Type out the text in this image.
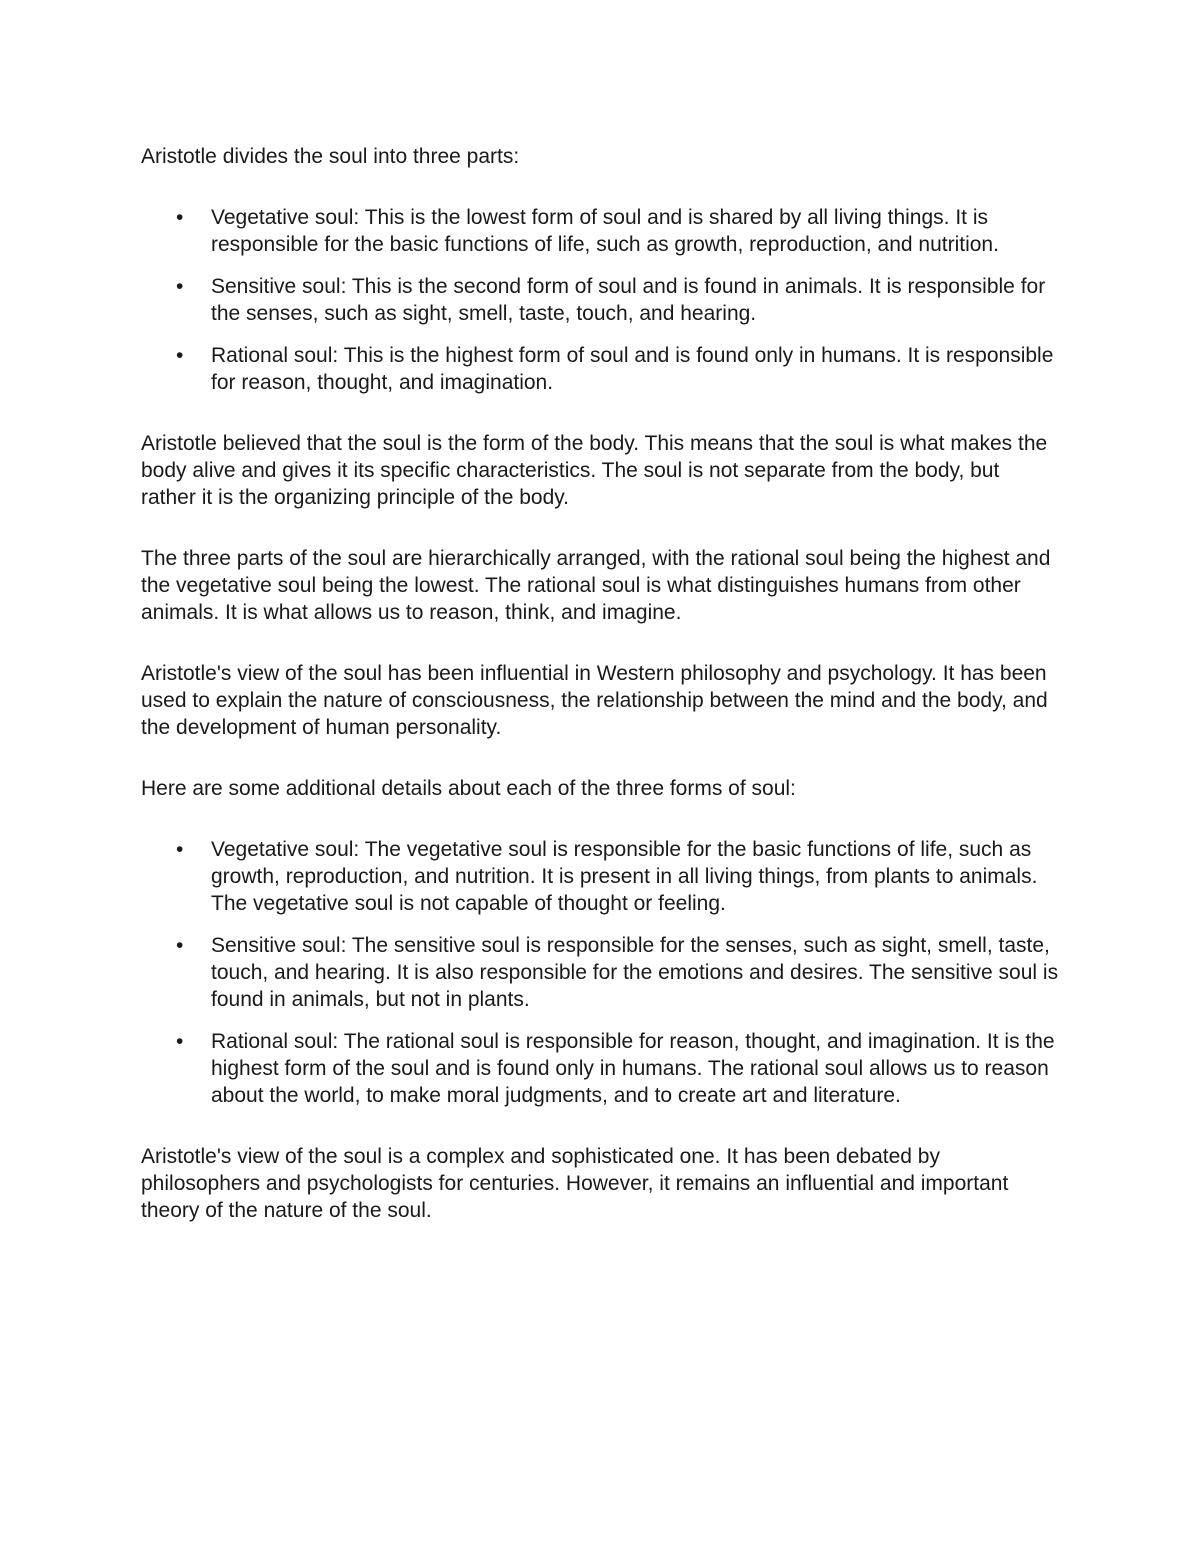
Aristotle divides the soul into three parts:

•	Vegetative soul: This is the lowest form of soul and is shared by all living things. It is responsible for the basic functions of life, such as growth, reproduction, and nutrition.
•	Sensitive soul: This is the second form of soul and is found in animals. It is responsible for the senses, such as sight, smell, taste, touch, and hearing.
•	Rational soul: This is the highest form of soul and is found only in humans. It is responsible for reason, thought, and imagination.

Aristotle believed that the soul is the form of the body. This means that the soul is what makes the body alive and gives it its specific characteristics. The soul is not separate from the body, but rather it is the organizing principle of the body.

The three parts of the soul are hierarchically arranged, with the rational soul being the highest and the vegetative soul being the lowest. The rational soul is what distinguishes humans from other animals. It is what allows us to reason, think, and imagine.

Aristotle's view of the soul has been influential in Western philosophy and psychology. It has been used to explain the nature of consciousness, the relationship between the mind and the body, and the development of human personality.

Here are some additional details about each of the three forms of soul:

•	Vegetative soul: The vegetative soul is responsible for the basic functions of life, such as growth, reproduction, and nutrition. It is present in all living things, from plants to animals. The vegetative soul is not capable of thought or feeling.
•	Sensitive soul: The sensitive soul is responsible for the senses, such as sight, smell, taste, touch, and hearing. It is also responsible for the emotions and desires. The sensitive soul is found in animals, but not in plants.
•	Rational soul: The rational soul is responsible for reason, thought, and imagination. It is the highest form of the soul and is found only in humans. The rational soul allows us to reason about the world, to make moral judgments, and to create art and literature.

Aristotle's view of the soul is a complex and sophisticated one. It has been debated by philosophers and psychologists for centuries. However, it remains an influential and important theory of the nature of the soul.
